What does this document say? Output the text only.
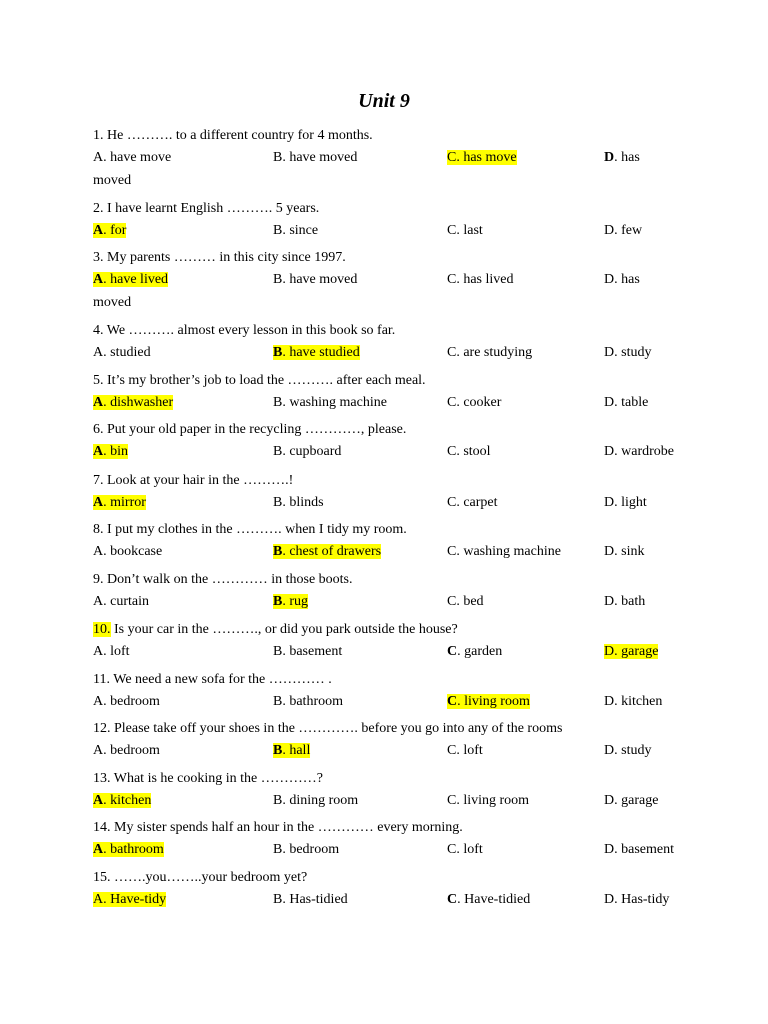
Unit 9
1. He ………. to a different country for 4 months.
A. have move	B. have moved	C. has move	D. has
moved
2. I have learnt English ………. 5 years.
A. for	B. since	C. last	D. few
3. My parents ……… in this city since 1997.
A. have lived	B. have moved	C. has lived	D. has
moved
4. We ………. almost every lesson in this book so far.
A. studied	B. have studied	C. are studying	D. study
5. It’s my brother’s job to load the ………. after each meal.
A. dishwasher	B. washing machine	C. cooker	D. table
6. Put your old paper in the recycling …………, please.
A. bin	B. cupboard	C. stool	D. wardrobe
7. Look at your hair in the ……….!
A. mirror	B. blinds	C. carpet	D. light
8. I put my clothes in the ………. when I tidy my room.
A. bookcase	B. chest of drawers	C. washing machine	D. sink
9. Don’t walk on the ………… in those boots.
A. curtain	B. rug	C. bed	D. bath
10. Is your car in the ………., or did you park outside the house?
A. loft	B. basement	C. garden	D. garage
11. We need a new sofa for the ………… .
A. bedroom	B. bathroom	C. living room	D. kitchen
12. Please take off your shoes in the …………. before you go into any of the rooms
A. bedroom	B. hall	C. loft	D. study
13. What is he cooking in the …………?
A. kitchen	B. dining room	C. living room	D. garage
14. My sister spends half an hour in the ………… every morning.
A. bathroom	B. bedroom	C. loft	D. basement
15. …….you……..your bedroom yet?
A. Have-tidy	B. Has-tidied	C. Have-tidied	D. Has-tidy
